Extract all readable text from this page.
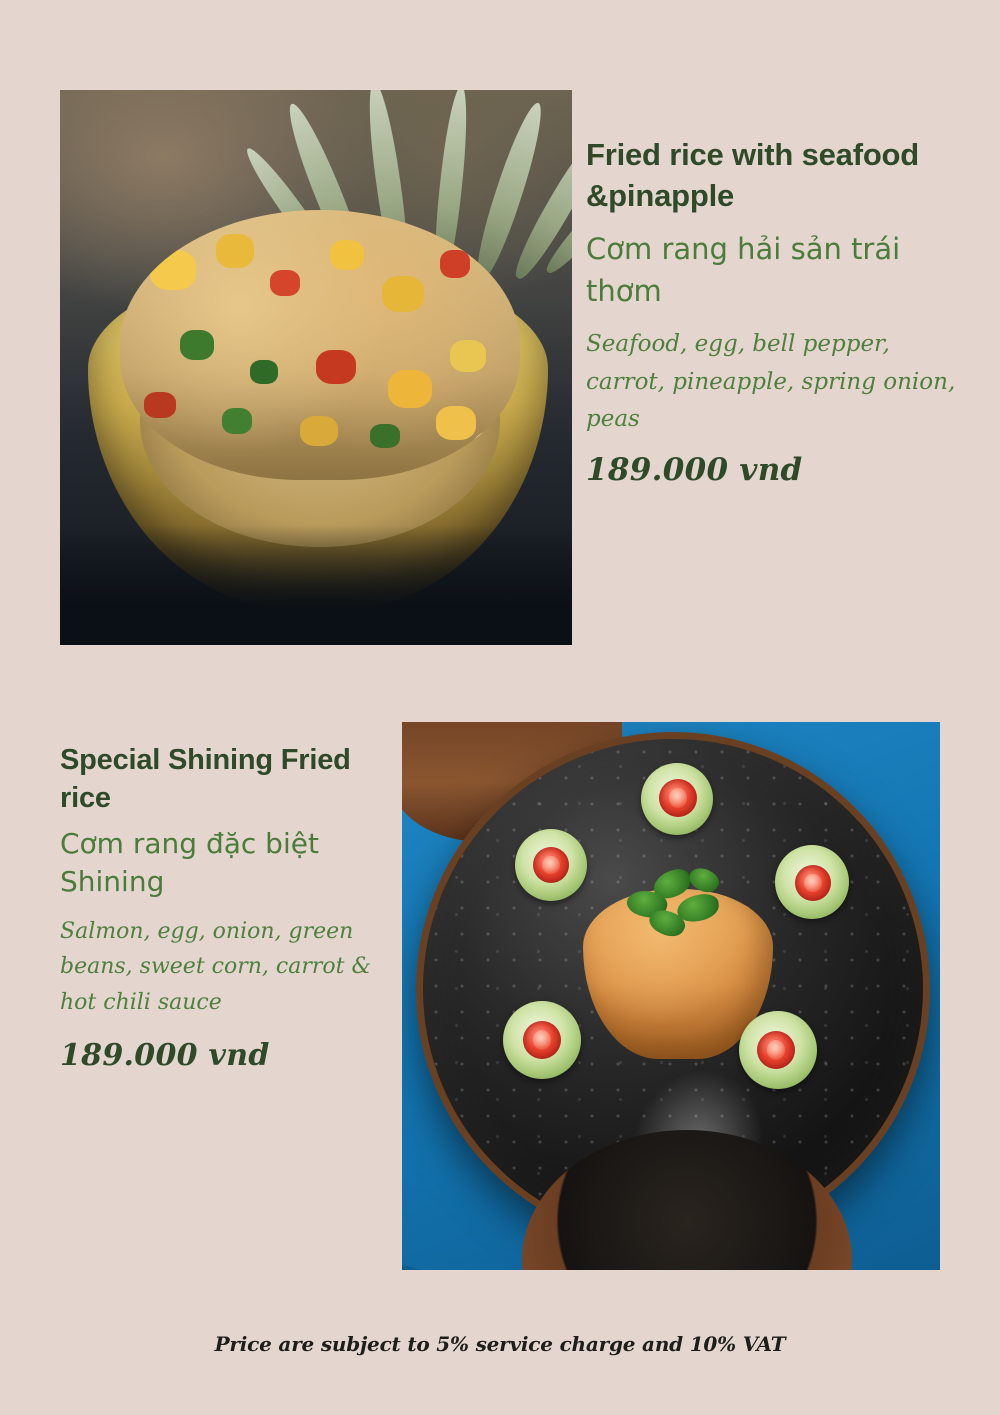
Fried rice with seafood &pinapple
Cơm rang hải sản trái thơm
Seafood, egg, bell pepper, carrot, pineapple, spring onion, peas
189.000 vnd
Special Shining Fried rice
Cơm rang đặc biệt Shining
Salmon, egg, onion, green beans, sweet corn, carrot & hot chili sauce
189.000 vnd
Price are subject to 5% service charge and 10% VAT
